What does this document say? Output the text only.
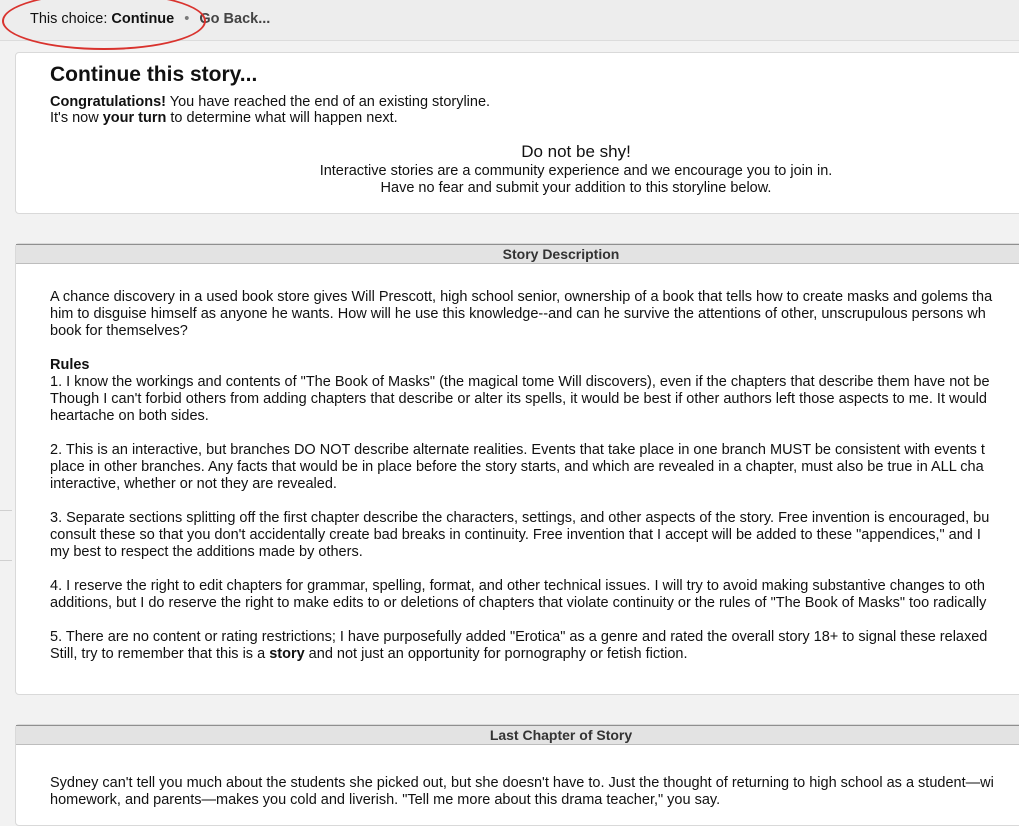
This choice: Continue • Go Back...
Continue this story...
Congratulations! You have reached the end of an existing storyline.
It's now your turn to determine what will happen next.
Do not be shy!
Interactive stories are a community experience and we encourage you to join in.
Have no fear and submit your addition to this storyline below.
Story Description
A chance discovery in a used book store gives Will Prescott, high school senior, ownership of a book that tells how to create masks and golems tha
him to disguise himself as anyone he wants. How will he use this knowledge--and can he survive the attentions of other, unscrupulous persons wh
book for themselves?
Rules
1. I know the workings and contents of "The Book of Masks" (the magical tome Will discovers), even if the chapters that describe them have not be
Though I can't forbid others from adding chapters that describe or alter its spells, it would be best if other authors left those aspects to me. It would
heartache on both sides.
2. This is an interactive, but branches DO NOT describe alternate realities. Events that take place in one branch MUST be consistent with events t
place in other branches. Any facts that would be in place before the story starts, and which are revealed in a chapter, must also be true in ALL cha
interactive, whether or not they are revealed.
3. Separate sections splitting off the first chapter describe the characters, settings, and other aspects of the story. Free invention is encouraged, bu
consult these so that you don't accidentally create bad breaks in continuity. Free invention that I accept will be added to these "appendices," and I
my best to respect the additions made by others.
4. I reserve the right to edit chapters for grammar, spelling, format, and other technical issues. I will try to avoid making substantive changes to oth
additions, but I do reserve the right to make edits to or deletions of chapters that violate continuity or the rules of "The Book of Masks" too radically
5. There are no content or rating restrictions; I have purposefully added "Erotica" as a genre and rated the overall story 18+ to signal these relaxed
Still, try to remember that this is a story and not just an opportunity for pornography or fetish fiction.
Last Chapter of Story
Sydney can't tell you much about the students she picked out, but she doesn't have to. Just the thought of returning to high school as a student—wi
homework, and parents—makes you cold and liverish. "Tell me more about this drama teacher," you say.
